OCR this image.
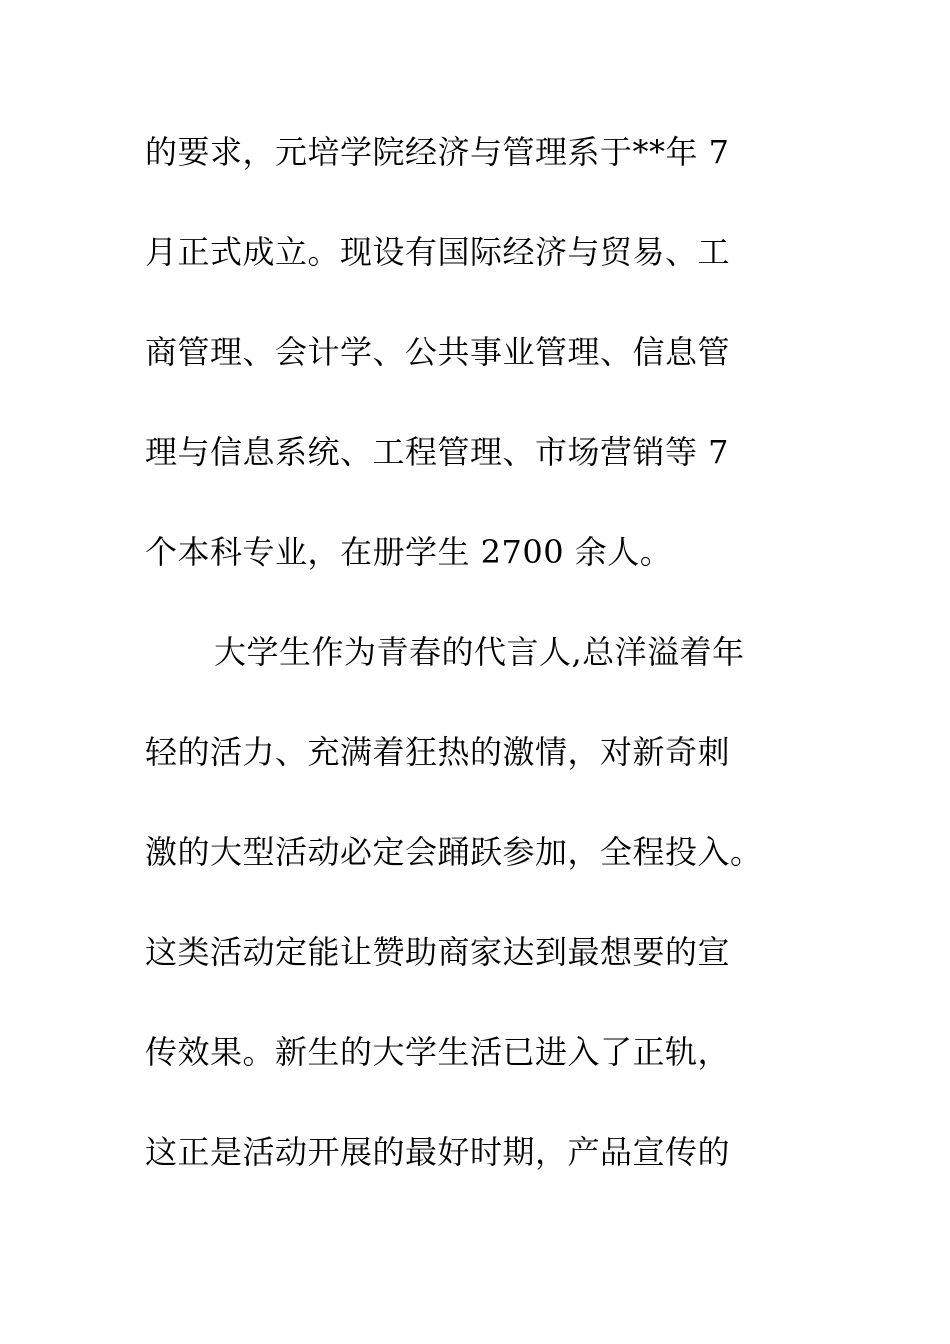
的要求，元培学院经济与管理系于**年 7
月正式成立。现设有国际经济与贸易、工
商管理、会计学、公共事业管理、信息管
理与信息系统、工程管理、市场营销等 7
个本科专业，在册学生 2700 余人。
大学生作为青春的代言人,总洋溢着年
轻的活力、充满着狂热的激情，对新奇刺
激的大型活动必定会踊跃参加，全程投入。
这类活动定能让赞助商家达到最想要的宣
传效果。新生的大学生活已进入了正轨，
这正是活动开展的最好时期，产品宣传的
